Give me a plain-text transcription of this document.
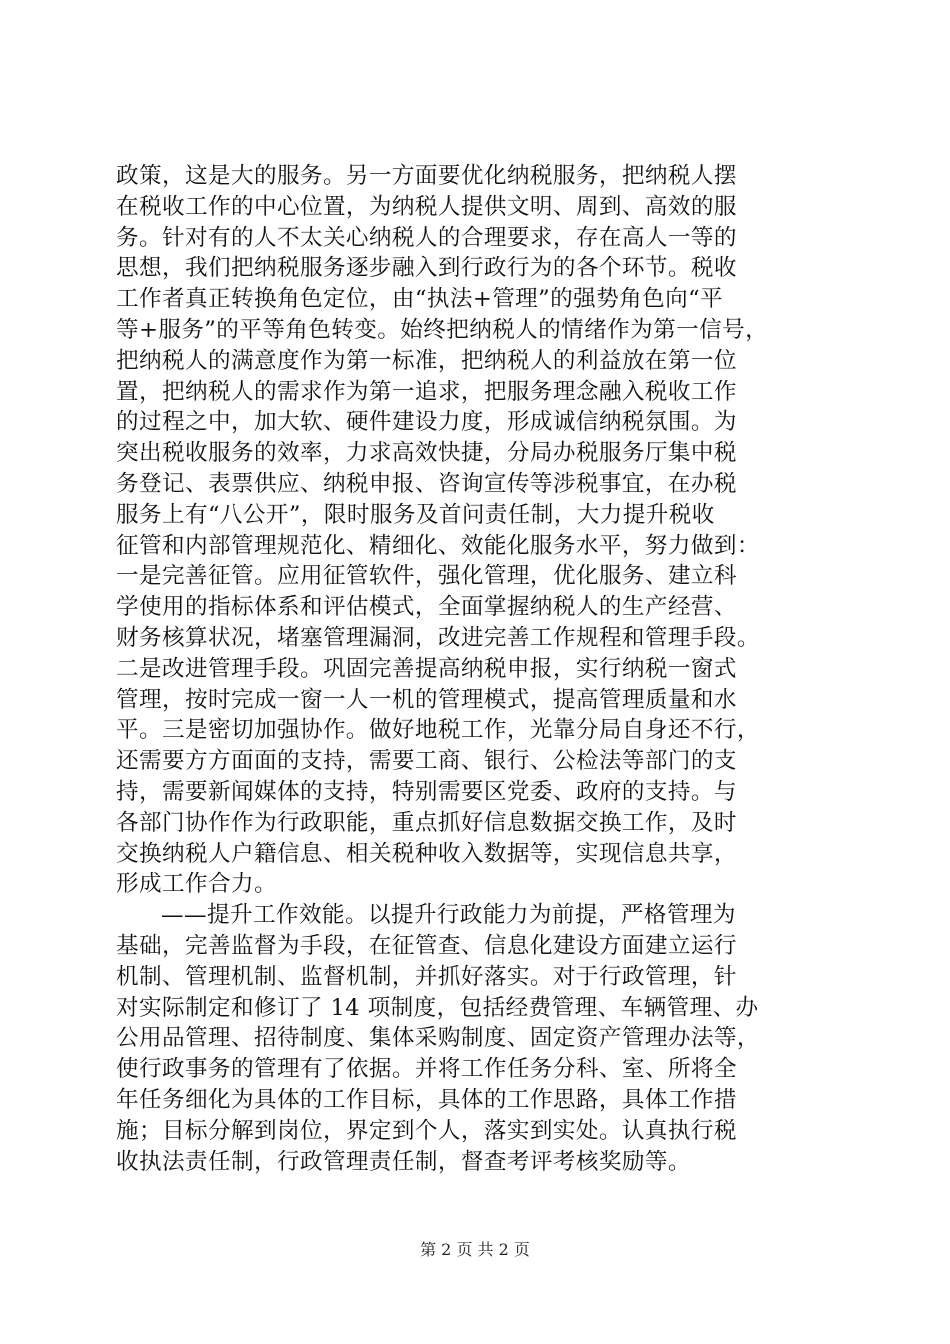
政策，这是大的服务。另一方面要优化纳税服务，把纳税人摆
在税收工作的中心位置，为纳税人提供文明、周到、高效的服
务。针对有的人不太关心纳税人的合理要求，存在高人一等的
思想，我们把纳税服务逐步融入到行政行为的各个环节。税收
工作者真正转换角色定位，由“执法+管理”的强势角色向“平
等+服务”的平等角色转变。始终把纳税人的情绪作为第一信号，
把纳税人的满意度作为第一标准，把纳税人的利益放在第一位
置，把纳税人的需求作为第一追求，把服务理念融入税收工作
的过程之中，加大软、硬件建设力度，形成诚信纳税氛围。为
突出税收服务的效率，力求高效快捷，分局办税服务厅集中税
务登记、表票供应、纳税申报、咨询宣传等涉税事宜，在办税
服务上有“八公开”，限时服务及首问责任制，大力提升税收
征管和内部管理规范化、精细化、效能化服务水平，努力做到：
一是完善征管。应用征管软件，强化管理，优化服务、建立科
学使用的指标体系和评估模式，全面掌握纳税人的生产经营、
财务核算状况，堵塞管理漏洞，改进完善工作规程和管理手段。
二是改进管理手段。巩固完善提高纳税申报，实行纳税一窗式
管理，按时完成一窗一人一机的管理模式，提高管理质量和水
平。三是密切加强协作。做好地税工作，光靠分局自身还不行，
还需要方方面面的支持，需要工商、银行、公检法等部门的支
持，需要新闻媒体的支持，特别需要区党委、政府的支持。与
各部门协作作为行政职能，重点抓好信息数据交换工作，及时
交换纳税人户籍信息、相关税种收入数据等，实现信息共享，
形成工作合力。
——提升工作效能。以提升行政能力为前提，严格管理为
基础，完善监督为手段，在征管查、信息化建设方面建立运行
机制、管理机制、监督机制，并抓好落实。对于行政管理，针
对实际制定和修订了 14 项制度，包括经费管理、车辆管理、办
公用品管理、招待制度、集体采购制度、固定资产管理办法等，
使行政事务的管理有了依据。并将工作任务分科、室、所将全
年任务细化为具体的工作目标，具体的工作思路，具体工作措
施；目标分解到岗位，界定到个人，落实到实处。认真执行税
收执法责任制，行政管理责任制，督查考评考核奖励等。
第 2 页 共 2 页
